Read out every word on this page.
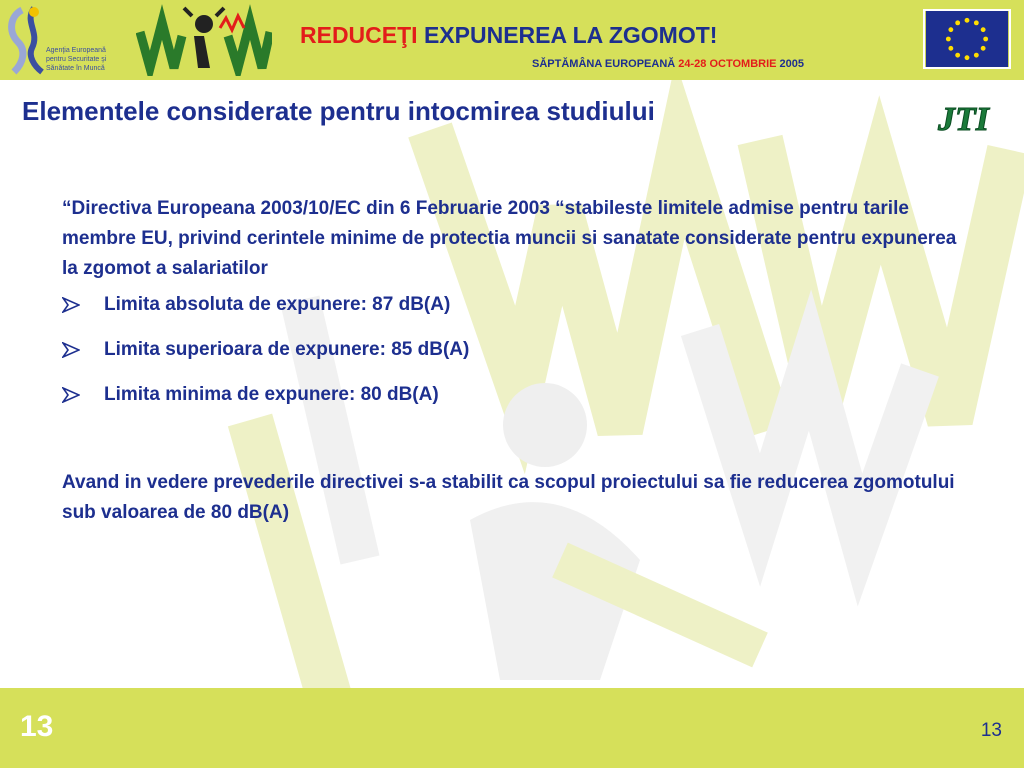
Agenţia Europeană pentru Securitate şi Sănătate în Muncă
REDUCEŢI EXPUNEREA LA ZGOMOT!
SĂPTĂMÂNA EUROPEANĂ 24-28 OCTOMBRIE 2005
Elementele considerate pentru intocmirea studiului	JTI

“Directiva Europeana 2003/10/EC din 6 Februarie 2003 “stabileste limitele admise pentru tarile membre EU, privind cerintele minime de protectia muncii si sanatate considerate pentru expunerea la zgomot a salariatilor

Limita absoluta de expunere: 87 dB(A)
Limita superioara de expunere: 85 dB(A)
Limita minima de expunere: 80 dB(A)

Avand in vedere prevederile directivei s-a stabilit ca scopul proiectului sa fie reducerea zgomotului sub valoarea de 80 dB(A)

13	13
